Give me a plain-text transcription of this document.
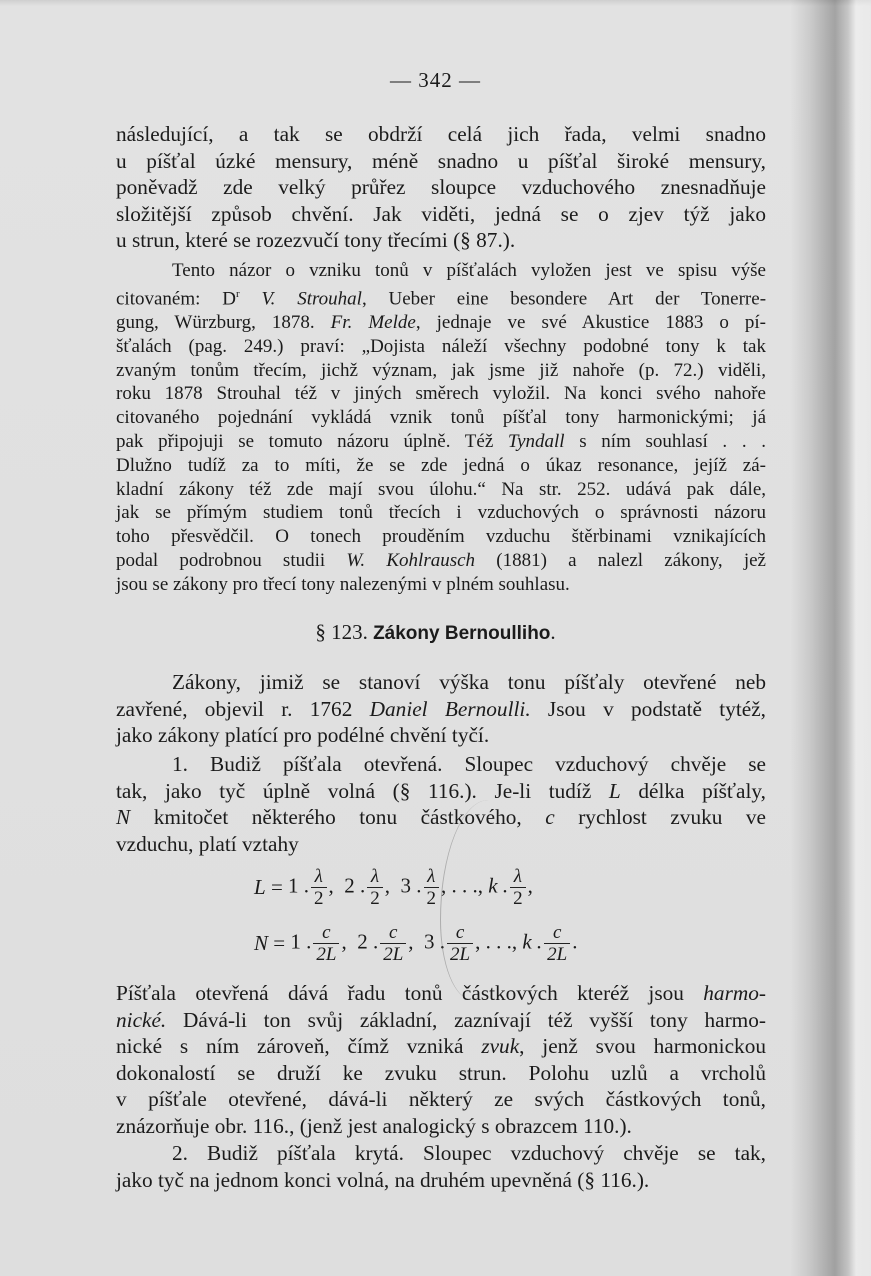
— 342 —
následující, a tak se obdrží celá jich řada, velmi snadno
u píšťal úzké mensury, méně snadno u píšťal široké mensury,
poněvadž zde velký průřez sloupce vzduchového znesnadňuje
složitější způsob chvění. Jak viděti, jedná se o zjev týž jako
u strun, které se rozezvučí tony třecími (§ 87.).
Tento názor o vzniku tonů v píšťalách vyložen jest ve spisu výše
citovaném: $D^r$ V. Strouhal, Ueber eine besondere Art der Tonerre-
gung, Würzburg, 1878. Fr. Melde, jednaje ve své Akustice 1883 o pí-
šťalách (pag. 249.) praví: „Dojista náleží všechny podobné tony k tak
zvaným tonům třecím, jichž význam, jak jsme již nahoře (p. 72.) viděli,
roku 1878 Strouhal též v jiných směrech vyložil. Na konci svého nahoře
citovaného pojednání vykládá vznik tonů píšťal tony harmonickými; já
pak připojuji se tomuto názoru úplně. Též Tyndall s ním souhlasí . . .
Dlužno tudíž za to míti, že se zde jedná o úkaz resonance, jejíž zá-
kladní zákony též zde mají svou úlohu.“ Na str. 252. udává pak dále,
jak se přímým studiem tonů třecích i vzduchových o správnosti názoru
toho přesvědčil. O tonech prouděním vzduchu štěrbinami vznikajících
podal podrobnou studii W. Kohlrausch (1881) a nalezl zákony, jež
jsou se zákony pro třecí tony nalezenými v plném souhlasu.
§ 123. Zákony Bernoulliho.
Zákony, jimiž se stanoví výška tonu píšťaly otevřené neb
zavřené, objevil r. 1762 Daniel Bernoulli. Jsou v podstatě tytéž,
jako zákony platící pro podélné chvění tyčí.
1. Budiž píšťala otevřená. Sloupec vzduchový chvěje se
tak, jako tyč úplně volná (§ 116.). Je-li tudíž L délka píšťaly,
N kmitočet některého tonu částkového, c rychlost zvuku ve
vzduchu, platí vztahy
L = 1 . $\frac{\lambda}{2}$ ,
2 . $\frac{\lambda}{2}$ ,
3 . $\frac{\lambda}{2}$ , . . .,
k . $\frac{\lambda}{2}$ ,
N = 1 . $\frac{c}{2L}$ ,
2 . $\frac{c}{2L}$ ,
3 . $\frac{c}{2L}$ , . . .,
k . $\frac{c}{2L}$ .
Píšťala otevřená dává řadu tonů částkových kteréž jsou harmo-
nické. Dává-li ton svůj základní, zaznívají též vyšší tony harmo-
nické s ním zároveň, čímž vzniká zvuk, jenž svou harmonickou
dokonalostí se druží ke zvuku strun. Polohu uzlů a vrcholů
v píšťale otevřené, dává-li některý ze svých částkových tonů,
znázorňuje obr. 116., (jenž jest analogický s obrazcem 110.).
2. Budiž píšťala krytá. Sloupec vzduchový chvěje se tak,
jako tyč na jednom konci volná, na druhém upevněná (§ 116.).
